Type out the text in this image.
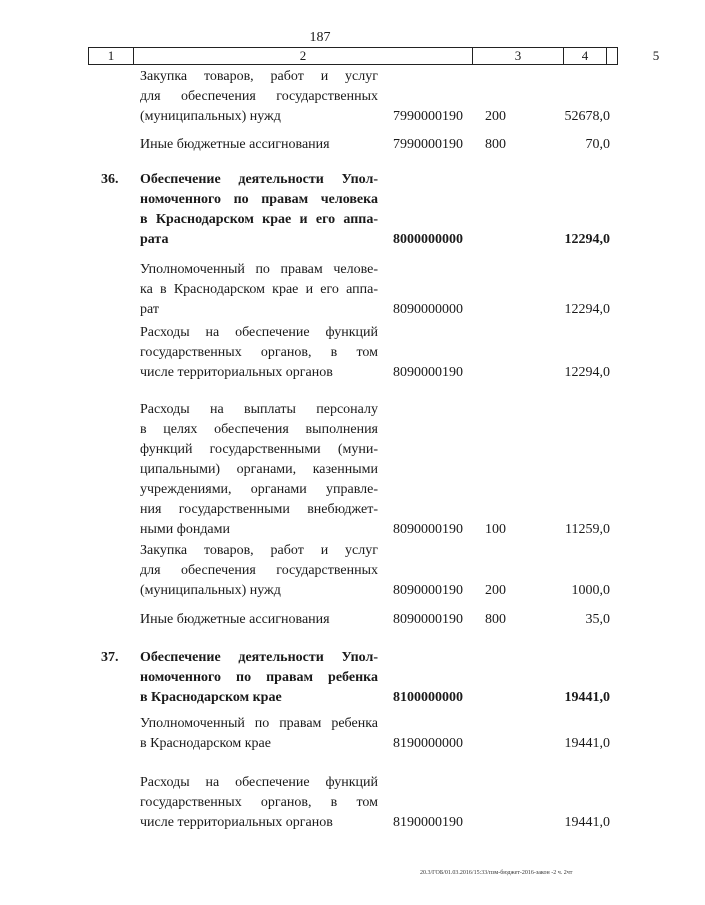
187
1	2	3	4	5
Закупка товаров, работ и услуг
для обеспечения государственных
(муниципальных) нужд	7990000190 200	52678,0
Иные бюджетные ассигнования	7990000190 800	70,0
36. Обеспечение деятельности Упол-
номоченного по правам человека
в Краснодарском крае и его аппа-
рата	8000000000	12294,0
Уполномоченный по правам челове-
ка в Краснодарском крае и его аппа-
рат	8090000000	12294,0
Расходы на обеспечение функций
государственных органов, в том
числе территориальных органов	8090000190	12294,0
Расходы на выплаты персоналу
в целях обеспечения выполнения
функций государственными (муни-
ципальными) органами, казенными
учреждениями, органами управле-
ния государственными внебюджет-
ными фондами	8090000190 100	11259,0
Закупка товаров, работ и услуг
для обеспечения государственных
(муниципальных) нужд	8090000190 200	1000,0
Иные бюджетные ассигнования	8090000190 800	35,0
37. Обеспечение деятельности Упол-
номоченного по правам ребенка
в Краснодарском крае	8100000000	19441,0
Уполномоченный по правам ребенка
в Краснодарском крае	8190000000	19441,0
Расходы на обеспечение функций
государственных органов, в том
числе территориальных органов	8190000190	19441,0
20.3/ГОБ/01.03.2016/15:33/пзм-бюджет-2016-закон -2 ч. 2чт
